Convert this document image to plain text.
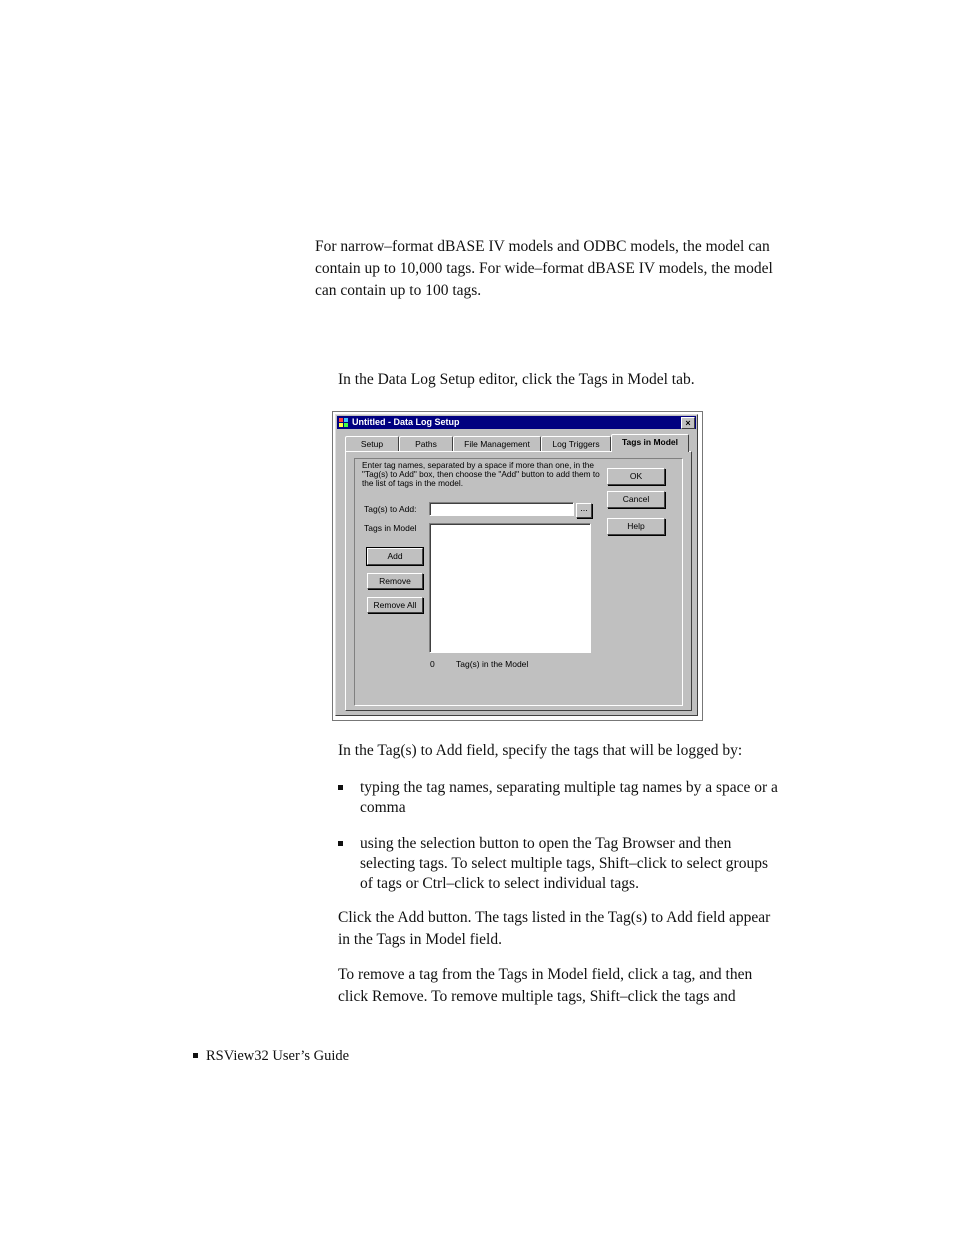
For narrow–format dBASE IV models and ODBC models, the model can contain up to 10,000 tags. For wide–format dBASE IV models, the model can contain up to 100 tags.

In the Data Log Setup editor, click the Tags in Model tab.

Untitled - Data Log Setup	×
Setup	Paths	File Management	Log Triggers	Tags in Model
Enter tag names, separated by a space if more than one, in the "Tag(s) to Add" box, then choose the "Add" button to add them to the list of tags in the model.
Tag(s) to Add:	...
Tags in Model
Add
Remove
Remove All
0	Tag(s) in the Model
OK
Cancel
Help

In the Tag(s) to Add field, specify the tags that will be logged by:

typing the tag names, separating multiple tag names by a space or a comma
using the selection button to open the Tag Browser and then selecting tags. To select multiple tags, Shift–click to select groups of tags or Ctrl–click to select individual tags.

Click the Add button. The tags listed in the Tag(s) to Add field appear in the Tags in Model field.

To remove a tag from the Tags in Model field, click a tag, and then click Remove. To remove multiple tags, Shift–click the tags and

RSView32 User’s Guide
